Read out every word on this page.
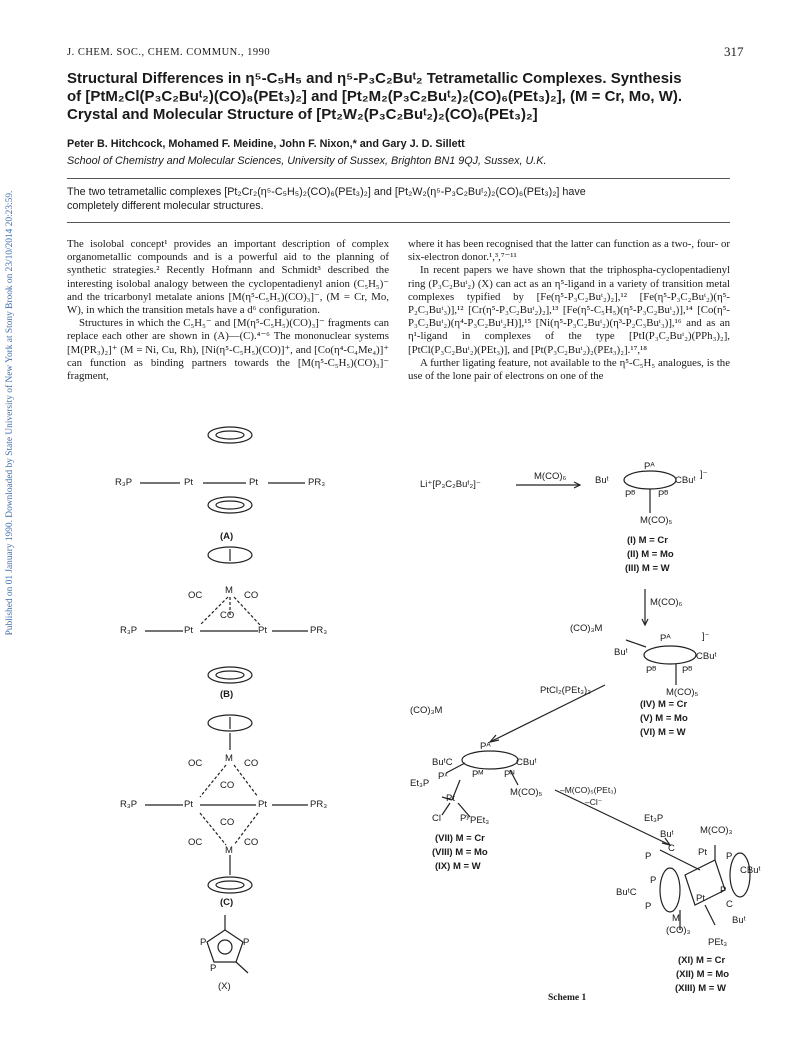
Published on 01 January 1990. Downloaded by State University of New York at Stony Brook on 23/10/2014 20:23:59.
J. CHEM. SOC., CHEM. COMMUN., 1990	317
Structural Differences in η⁵-C₅H₅ and η⁵-P₃C₂Buᵗ₂ Tetrametallic Complexes. Synthesis
of [PtM₂Cl(P₃C₂Buᵗ₂)(CO)₈(PEt₃)₂] and [Pt₂M₂(P₃C₂Buᵗ₂)₂(CO)₆(PEt₃)₂], (M = Cr, Mo, W).
Crystal and Molecular Structure of [Pt₂W₂(P₃C₂Buᵗ₂)₂(CO)₆(PEt₃)₂]
Peter B. Hitchcock, Mohamed F. Meidine, John F. Nixon,* and Gary J. D. Sillett
School of Chemistry and Molecular Sciences, University of Sussex, Brighton BN1 9QJ, Sussex, U.K.
The two tetrametallic complexes [Pt₂Cr₂(η⁵-C₅H₅)₂(CO)₆(PEt₃)₂] and [Pt₂W₂(η⁵-P₃C₂Buᵗ₂)₂(CO)₆(PEt₃)₂] have
completely different molecular structures.

The isolobal concept¹ provides an important description of complex organometallic compounds and is a powerful aid to the planning of synthetic strategies.² Recently Hofmann and Schmidt³ described the interesting isolobal analogy between the cyclopentadienyl anion (C₅H₅)⁻ and the tricarbonyl metalate anions [M(η⁵-C₅H₅)(CO)₃]⁻, (M = Cr, Mo, W), in which the transition metals have a d⁶ configuration.

Structures in which the C₅H₅⁻ and [M(η⁵-C₅H₅)(CO)₃]⁻ fragments can replace each other are shown in (A)—(C).⁴⁻⁶ The mononuclear systems [M(PR₃)₂]⁺ (M = Ni, Cu, Rh), [Ni(η⁵-C₅H₅)(CO)]⁺, and [Co(η⁴-C₄Me₄)]⁺ can function as binding partners towards the [M(η⁵-C₅H₅)(CO)₃]⁻ fragment,

where it has been recognised that the latter can function as a two-, four- or six-electron donor.¹,³,⁷⁻¹¹

In recent papers we have shown that the triphospha-cyclopentadienyl ring (P₃C₂Buᵗ₂) (X) can act as an η⁵-ligand in a variety of transition metal complexes typified by [Fe(η⁵-P₃C₂Buᵗ₂)₂],¹² [Fe(η⁵-P₃C₂Buᵗ₂)(η⁵-P₂C₃Buᵗ₃)],¹² [Cr(η⁵-P₃C₂Buᵗ₂)₂],¹³ [Fe(η⁵-C₅H₅)(η⁵-P₃C₂Buᵗ₂)],¹⁴ [Co(η⁵-P₃C₂Buᵗ₂)(η⁴-P₃C₂Buᵗ₂H)],¹⁵ [Ni(η⁵-P₃C₂Buᵗ₂)(η³-P₂C₃Buᵗ₃)],¹⁶ and as an η¹-ligand in complexes of the type [PtI(P₃C₂Buᵗ₂)(PPh₃)₂], [PtCl(P₃C₂Buᵗ₂)(PEt₃)], and [Pt(P₃C₂Buᵗ₂)₂(PEt₃)₂].¹⁷,¹⁸

A further ligating feature, not available to the η⁵-C₅H₅ analogues, is the use of the lone pair of electrons on one of the

R₃P	Pt	Pt	PR₃
(A)
M
OC	CO
CO
R₃P	Pt	Pt	PR₃
(B)
M
OC	CO
CO
R₃P	Pt	Pt	PR₃
CO
OC	CO
M
(C)
P	P
P
(X)
Li⁺[P₃C₂Buᵗ₂]⁻
M(CO)₆	Buᵗ	CBuᵗ
Pᴬ
Pᴮ Pᴮ
]⁻
M(CO)₅
(I) M = Cr
(II) M = Mo
(III) M = W
M(CO)₆
(CO)₃M
Pᴬ
Buᵗ	CBuᵗ
]⁻
Pᴮ	Pᴮ
M(CO)₅
(IV) M = Cr
(V) M = Mo
(VI) M = W
PtCl₂(PEt₃)₂
(CO)₃M
Pᴬ
BuᵗC	CBuᵗ
Pᴹ Pᴺ
Et₃P
Pˣ
Pt
Cl Pʸ PEt₃
M(CO)₅
(VII) M = Cr
(VIII) M = Mo
(IX) M = W
–M(CO)₅(PEt₃)
–Cl⁻
Et₃P
M(CO)₃
Buᵗ
C Pt
P	P
CBuᵗ
P
P
BuᵗC
Pt
P	C
M
(CO)₃
Buᵗ
PEt₃
(XI) M = Cr
(XII) M = Mo
(XIII) M = W
Scheme 1
